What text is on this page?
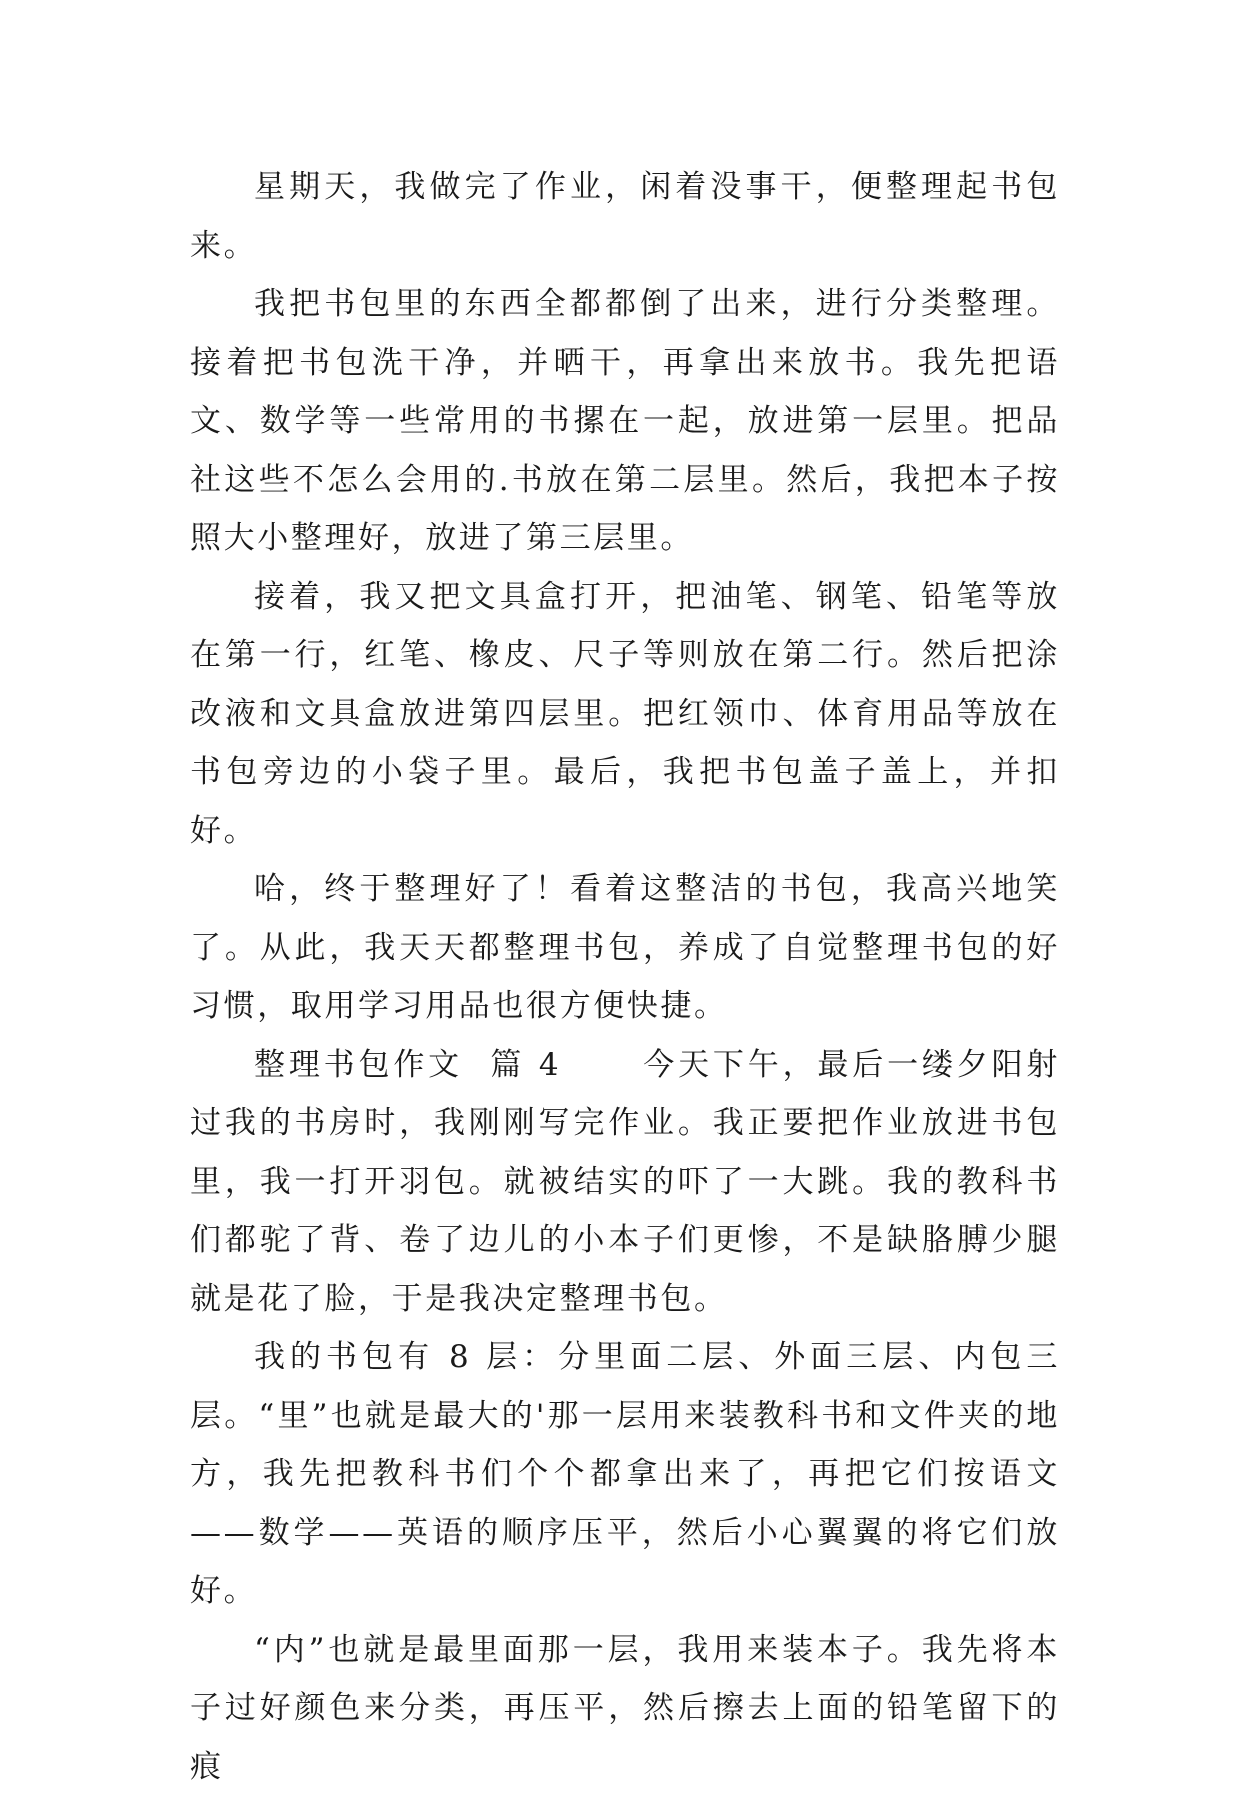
星期天，我做完了作业，闲着没事干，便整理起书包来。

我把书包里的东西全都都倒了出来，进行分类整理。接着把书包洗干净，并晒干，再拿出来放书。我先把语文、数学等一些常用的书摞在一起，放进第一层里。把品社这些不怎么会用的.书放在第二层里。然后，我把本子按照大小整理好，放进了第三层里。

接着，我又把文具盒打开，把油笔、钢笔、铅笔等放在第一行，红笔、橡皮、尺子等则放在第二行。然后把涂改液和文具盒放进第四层里。把红领巾、体育用品等放在书包旁边的小袋子里。最后，我把书包盖子盖上，并扣好。

哈，终于整理好了！看着这整洁的书包，我高兴地笑了。从此，我天天都整理书包，养成了自觉整理书包的好习惯，取用学习用品也很方便快捷。

整理书包作文  篇 4      今天下午，最后一缕夕阳射过我的书房时，我刚刚写完作业。我正要把作业放进书包里，我一打开羽包。就被结实的吓了一大跳。我的教科书们都驼了背、卷了边儿的小本子们更惨，不是缺胳膊少腿就是花了脸，于是我决定整理书包。

我的书包有 8 层：分里面二层、外面三层、内包三层。“里”也就是最大的'那一层用来装教科书和文件夹的地方，我先把教科书们个个都拿出来了，再把它们按语文——数学——英语的顺序压平，然后小心翼翼的将它们放好。

“内”也就是最里面那一层，我用来装本子。我先将本子过好颜色来分类，再压平，然后擦去上面的铅笔留下的痕
